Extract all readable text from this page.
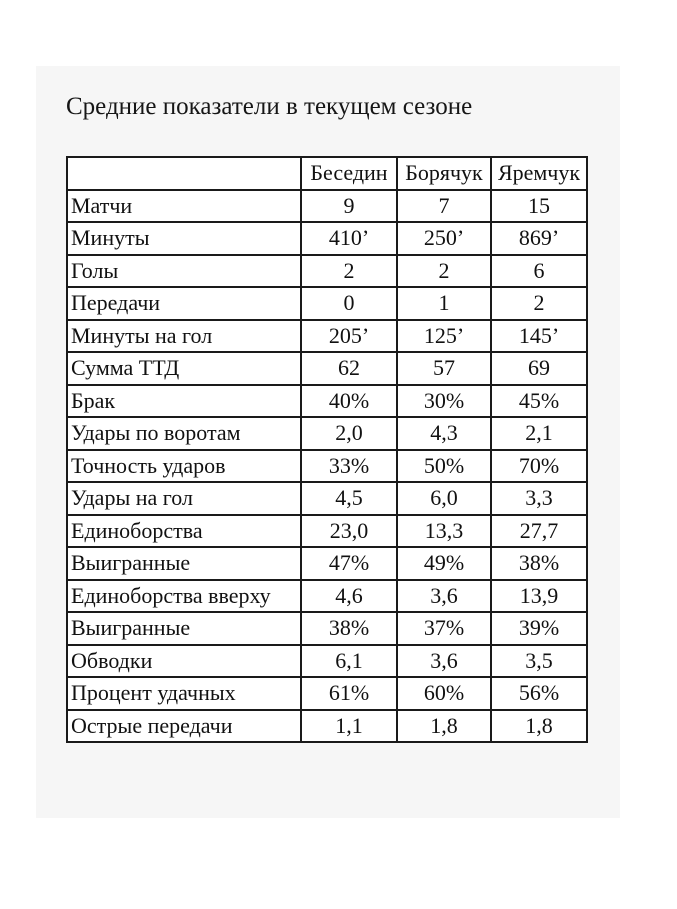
Средние показатели в текущем сезоне
	Беседин	Борячук	Яремчук
Матчи	9	7	15
Минуты	410’	250’	869’
Голы	2	2	6
Передачи	0	1	2
Минуты на гол	205’	125’	145’
Сумма ТТД	62	57	69
Брак	40%	30%	45%
Удары по воротам	2,0	4,3	2,1
Точность ударов	33%	50%	70%
Удары на гол	4,5	6,0	3,3
Единоборства	23,0	13,3	27,7
Выигранные	47%	49%	38%
Единоборства вверху	4,6	3,6	13,9
Выигранные	38%	37%	39%
Обводки	6,1	3,6	3,5
Процент удачных	61%	60%	56%
Острые передачи	1,1	1,8	1,8
